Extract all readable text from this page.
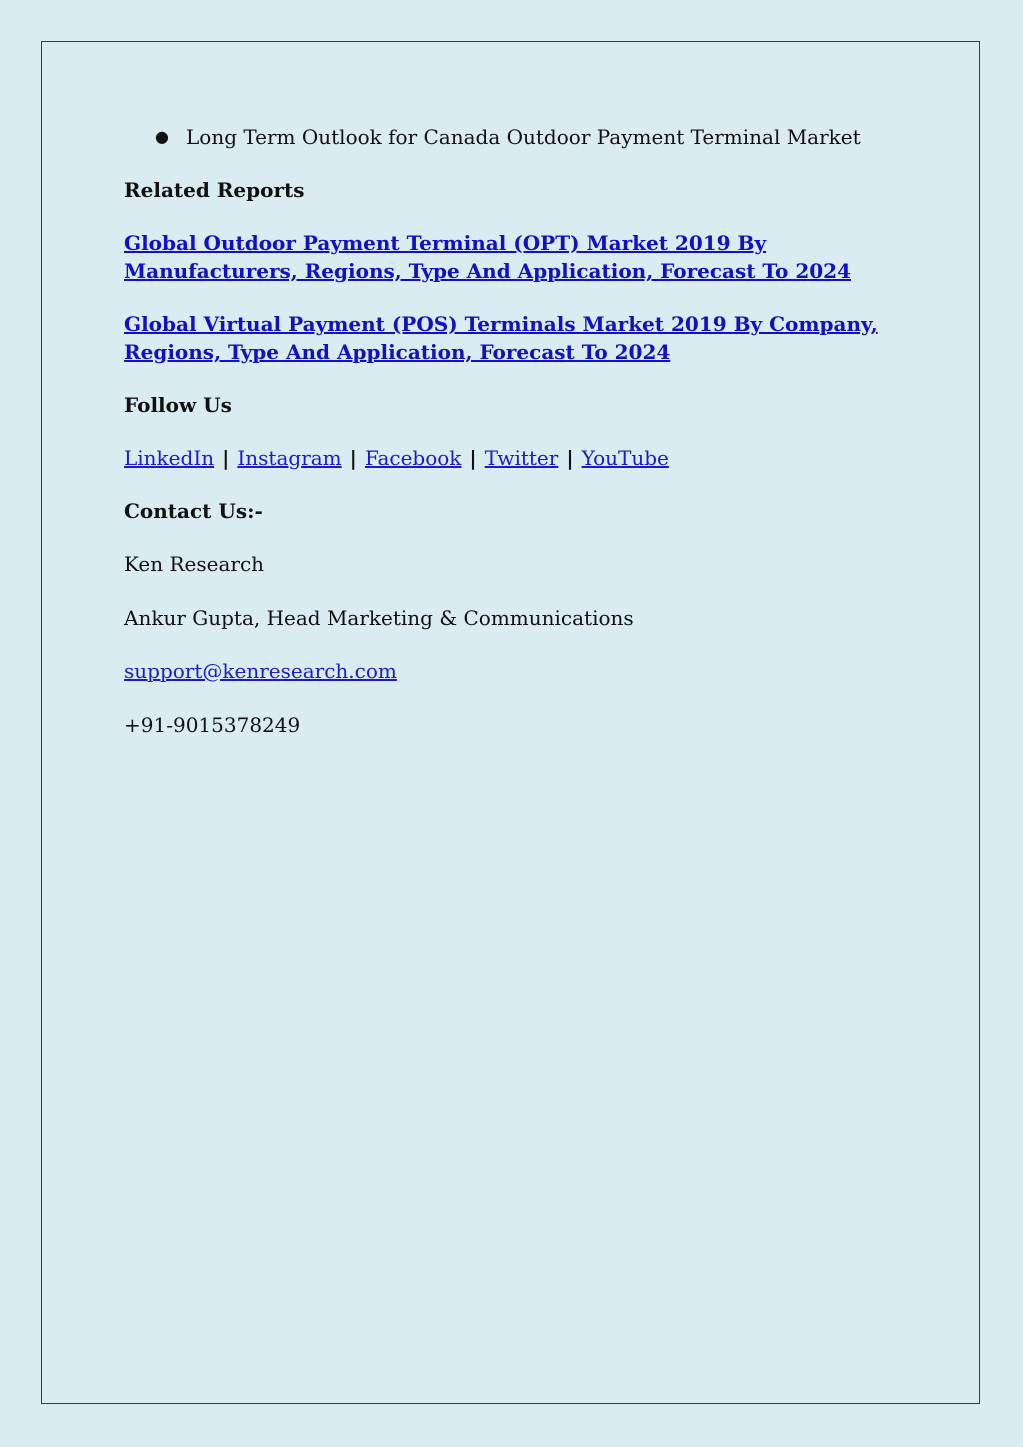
● Long Term Outlook for Canada Outdoor Payment Terminal Market
Related Reports
Global Outdoor Payment Terminal (OPT) Market 2019 By Manufacturers, Regions, Type And Application, Forecast To 2024
Global Virtual Payment (POS) Terminals Market 2019 By Company, Regions, Type And Application, Forecast To 2024
Follow Us
LinkedIn | Instagram | Facebook | Twitter | YouTube
Contact Us:-
Ken Research
Ankur Gupta, Head Marketing & Communications
support@kenresearch.com
+91-9015378249
